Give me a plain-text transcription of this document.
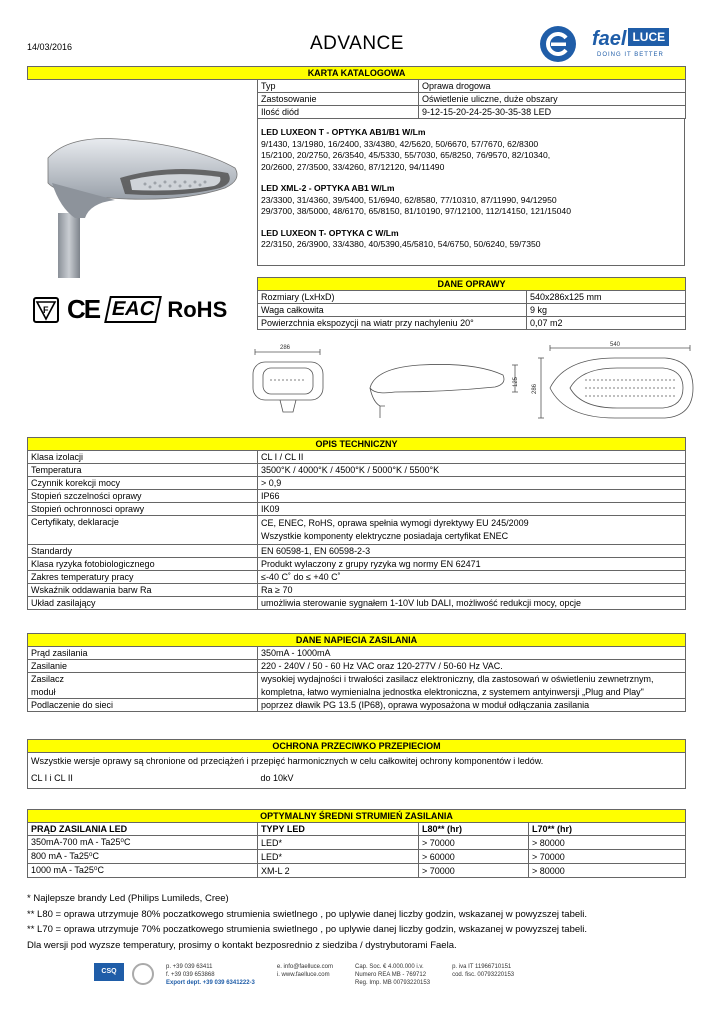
14/03/2016	ADVANCE	fael LUCE
DOING IT BETTER
KARTA KATALOGOWA		
	Typ	Oprawa drogowa
	Zastosowanie	Oświetlenie uliczne, duże obszary
	Ilość diód	9-12-15-20-24-25-30-35-38 LED
LED LUXEON T - OPTYKA AB1/B1 W/Lm
9/1430, 13/1980, 16/2400, 33/4380, 42/5620, 50/6670, 57/7670, 62/8300
15/2100, 20/2750, 26/3540, 45/5330, 55/7030, 65/8250, 76/9570, 82/10340,
20/2600, 27/3500, 33/4260, 87/12120, 94/11490
LED XML-2 - OPTYKA AB1 W/Lm
23/3300, 31/4360, 39/5400, 51/6940, 62/8580, 77/10310, 87/11990, 94/12950
29/3700, 38/5000, 48/6170, 65/8150, 81/10190, 97/12100, 112/14150, 121/15040
LED LUXEON T- OPTYKA C W/Lm
22/3150, 26/3900, 33/4380, 40/5390,45/5810, 54/6750, 50/6240, 59/7350
F CE EAC RoHS
DANE OPRAWY	
Rozmiary (LxHxD)	540x286x125 mm
Waga całkowita	9 kg
Powierzchnia ekspozycji na wiatr przy nachyleniu 20°	0,07 m2
286
125
540
286
OPIS TECHNICZNY	
Klasa izolacji	CL I / CL II
Temperatura	3500°K / 4000°K / 4500°K / 5000°K / 5500°K
Czynnik korekcji mocy	> 0,9
Stopień szczelności oprawy	IP66
Stopień ochronnosci oprawy	IK09
Certyfikaty, deklaracje	CE, ENEC, RoHS, oprawa spełnia wymogi dyrektywy EU 245/2009
Wszystkie komponenty elektryczne posiadaja certyfikat ENEC

Standardy	EN 60598-1, EN 60598-2-3
Klasa ryzyka fotobiologicznego	Produkt wylaczony z grupy ryzyka wg normy EN 62471
Zakres temperatury pracy	≤-40 C˚ do ≤ +40 C˚
Wskaźnik oddawania barw Ra	Ra ≥ 70
Układ zasilający	umożliwia sterowanie sygnałem 1-10V lub DALI, możliwość redukcji mocy, opcje
DANE NAPIECIA ZASILANIA	
Prąd zasilania	350mA - 1000mA
Zasilanie	220 - 240V / 50 - 60 Hz VAC oraz 120-277V / 50-60 Hz VAC.
Zasilacz	wysokiej wydajności i trwałości zasilacz elektroniczny, dla zastosowań w oświetleniu zewnetrznym,
moduł	kompletna, łatwo wymienialna jednostka elektroniczna, z systemem antyinwersji „Plug and Play"
Podlaczenie do sieci	poprzez dławik PG 13.5 (IP68), oprawa wyposażona w moduł odłączania zasilania
OCHRONA PRZECIWKO PRZEPIECIOM
Wszystkie wersje oprawy są chronione od przeciążeń i przepięć harmonicznych w celu całkowitej ochrony komponentów i ledów.
CL I i CL II	do 10kV
OPTYMALNY ŚREDNI STRUMIEŃ ZASILANIA			
PRĄD ZASILANIA LED	TYPY LED	L80** (hr)	L70** (hr)
350mA-700 mA - Ta25⁰C	LED*	> 70000	> 80000
800 mA - Ta25⁰C	LED*	> 60000	> 70000
1000 mA - Ta25⁰C	XM-L 2	> 70000	> 80000
* Najlepsze brandy Led (Philips Lumileds, Cree)
** L80 = oprawa utrzymuje 80% poczatkowego strumienia swietlnego , po uplywie danej liczby godzin, wskazanej w powyzszej tabeli.
** L70 = oprawa utrzymuje 70% poczatkowego strumienia swietlnego , po uplywie danej liczby godzin, wskazanej w powyzszej tabeli.
Dla wersji pod wyzsze temperatury, prosimy o kontakt bezposrednio z siedziba / dystrybutorami Faela.
CSQ
p. +39 039 63411
f. +39 039 653868
Export dept. +39 039 6341222-3
e. info@faelluce.com
i. www.faelluce.com
Cap. Soc. € 4.000.000 i.v.
Numero REA MB - 769712
Reg. Imp. MB 00793220153
p. iva IT 11966710151
cod. fisc. 00793220153
